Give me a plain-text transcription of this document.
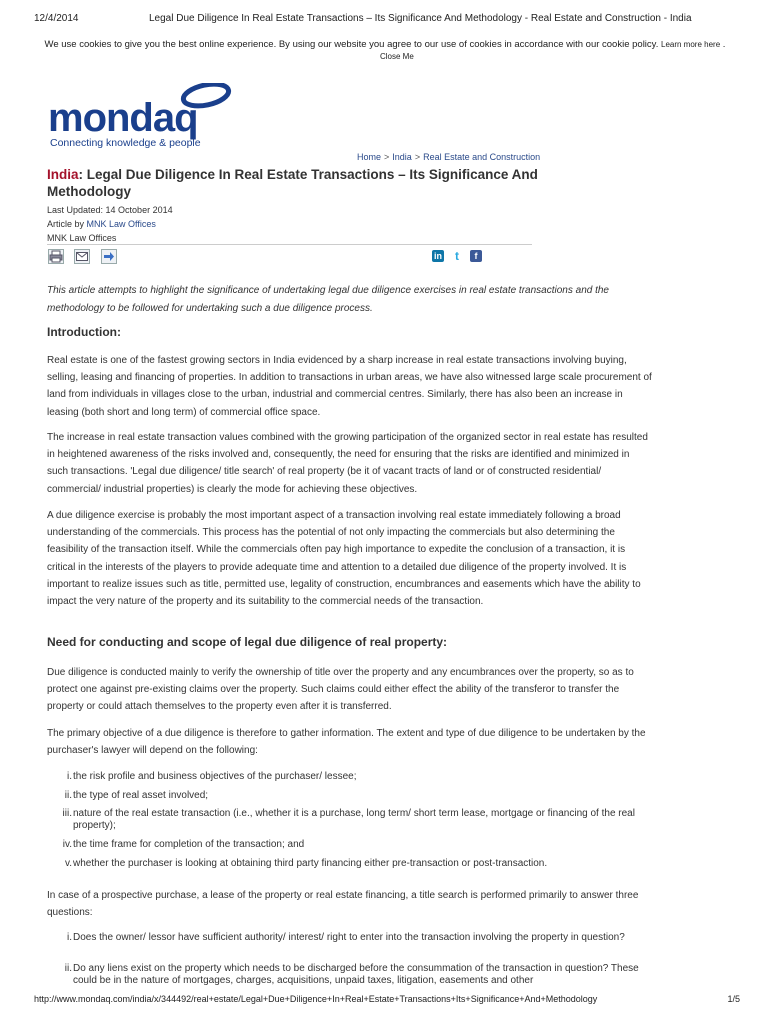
12/4/2014	Legal Due Diligence In Real Estate Transactions – Its Significance And Methodology - Real Estate and Construction - India
We use cookies to give you the best online experience. By using our website you agree to our use of cookies in accordance with our cookie policy. Learn more here .          Close Me
mondaq
Connecting knowledge & people
Home > India > Real Estate and Construction
India: Legal Due Diligence In Real Estate Transactions – Its Significance And Methodology
Last Updated: 14 October 2014
Article by MNK Law Offices
MNK Law Offices
in	t	f
This article attempts to highlight the significance of undertaking legal due diligence exercises in real estate transactions and the methodology to be followed for undertaking such a due diligence process.
Introduction:
Real estate is one of the fastest growing sectors in India evidenced by a sharp increase in real estate transactions involving buying, selling, leasing and financing of properties. In addition to transactions in urban areas, we have also witnessed large scale procurement of land from individuals in villages close to the urban, industrial and commercial centres. Similarly, there has also been an increase in leasing (both short and long term) of commercial office space.
The increase in real estate transaction values combined with the growing participation of the organized sector in real estate has resulted in heightened awareness of the risks involved and, consequently, the need for ensuring that the risks are identified and minimized in such transactions. 'Legal due diligence/ title search' of real property (be it of vacant tracts of land or of constructed residential/ commercial/ industrial properties) is clearly the mode for achieving these objectives.
A due diligence exercise is probably the most important aspect of a transaction involving real estate immediately following a broad understanding of the commercials. This process has the potential of not only impacting the commercials but also determining the feasibility of the transaction itself. While the commercials often pay high importance to expedite the conclusion of a transaction, it is critical in the interests of the players to provide adequate time and attention to a detailed due diligence of the property involved. It is important to realize issues such as title, permitted use, legality of construction, encumbrances and easements which have the ability to impact the very nature of the property and its suitability to the commercial needs of the transaction.
Need for conducting and scope of legal due diligence of real property:
Due diligence is conducted mainly to verify the ownership of title over the property and any encumbrances over the property, so as to protect one against pre-existing claims over the property. Such claims could either effect the ability of the transferor to transfer the property or could attach themselves to the property even after it is transferred.
The primary objective of a due diligence is therefore to gather information. The extent and type of due diligence to be undertaken by the purchaser's lawyer will depend on the following:
i. the risk profile and business objectives of the purchaser/ lessee;
ii. the type of real asset involved;
iii. nature of the real estate transaction (i.e., whether it is a purchase, long term/ short term lease, mortgage or financing of the real property);
iv. the time frame for completion of the transaction; and
v. whether the purchaser is looking at obtaining third party financing either pre-transaction or post-transaction.
In case of a prospective purchase, a lease of the property or real estate financing, a title search is performed primarily to answer three questions:
i. Does the owner/ lessor have sufficient authority/ interest/ right to enter into the transaction involving the property in question?
ii. Do any liens exist on the property which needs to be discharged before the consummation of the transaction in question? These could be in the nature of mortgages, charges, acquisitions, unpaid taxes, litigation, easements and other
http://www.mondaq.com/india/x/344492/real+estate/Legal+Due+Diligence+In+Real+Estate+Transactions+Its+Significance+And+Methodology	1/5
